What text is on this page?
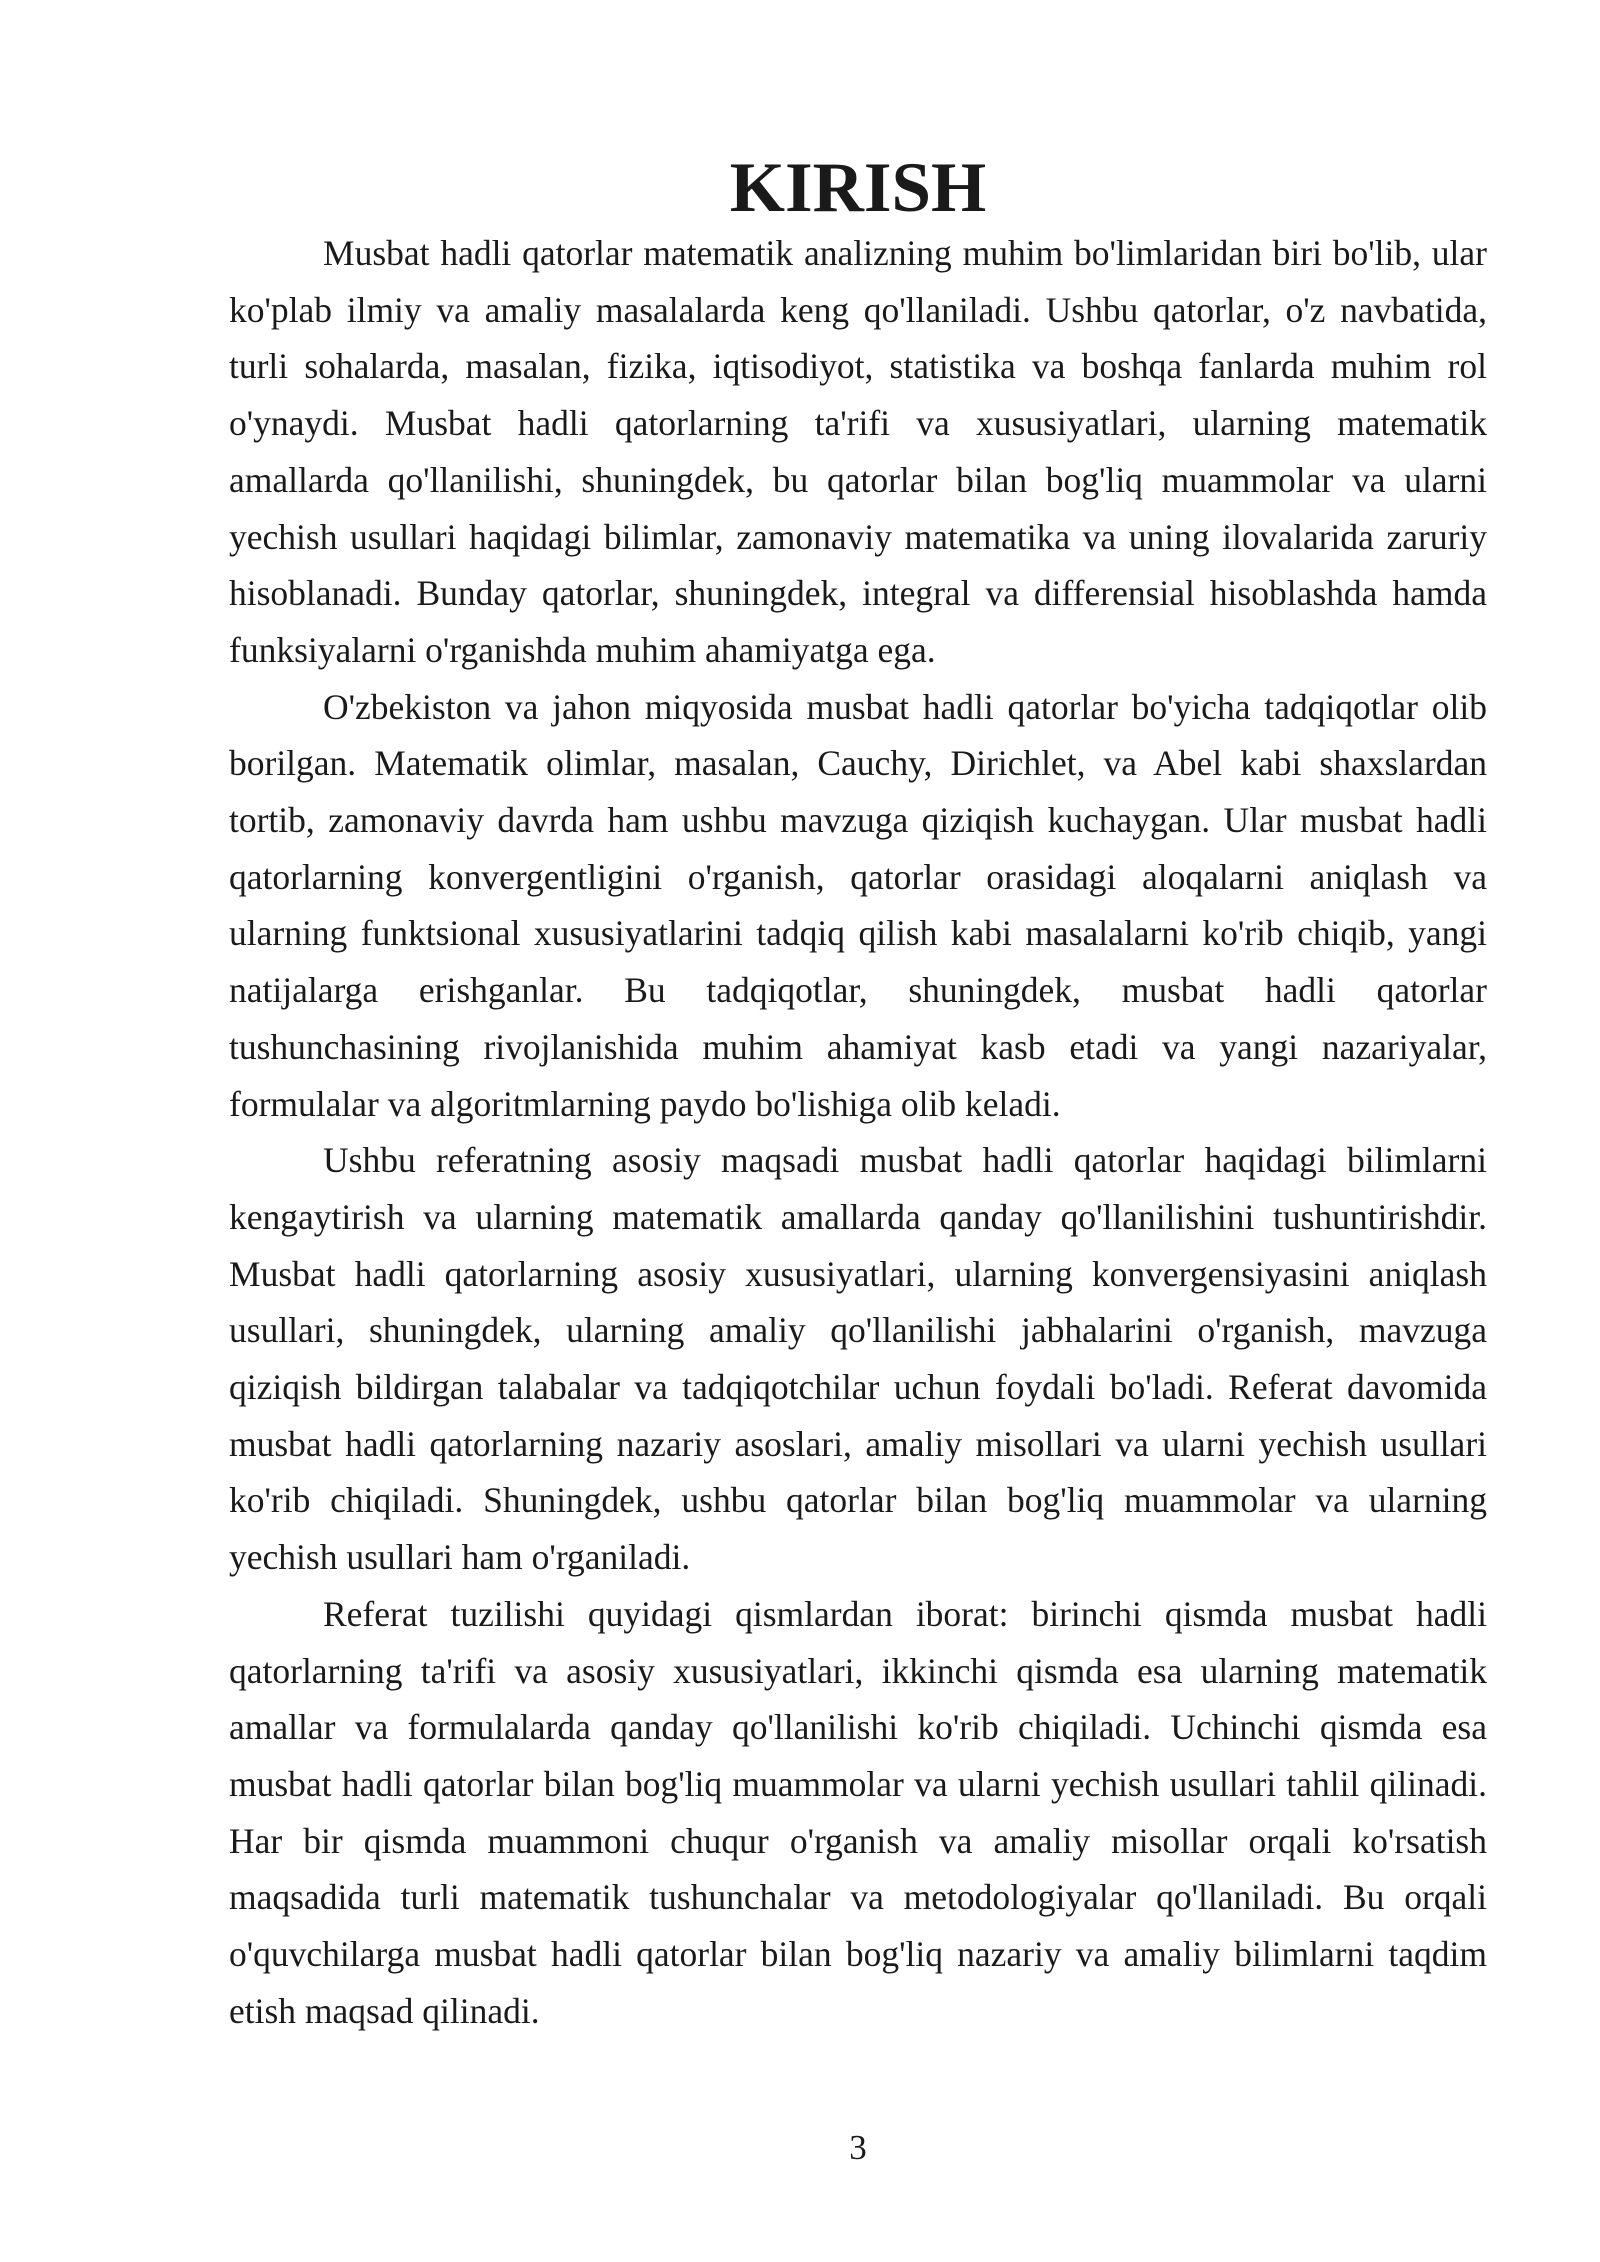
KIRISH

Musbat hadli qatorlar matematik analizning muhim bo'limlaridan biri bo'lib, ular ko'plab ilmiy va amaliy masalalarda keng qo'llaniladi. Ushbu qatorlar, o'z navbatida, turli sohalarda, masalan, fizika, iqtisodiyot, statistika va boshqa fanlarda muhim rol o'ynaydi. Musbat hadli qatorlarning ta'rifi va xususiyatlari, ularning matematik amallarda qo'llanilishi, shuningdek, bu qatorlar bilan bog'liq muammolar va ularni yechish usullari haqidagi bilimlar, zamonaviy matematika va uning ilovalarida zaruriy hisoblanadi. Bunday qatorlar, shuningdek, integral va differensial hisoblashda hamda funksiyalarni o'rganishda muhim ahamiyatga ega.

O'zbekiston va jahon miqyosida musbat hadli qatorlar bo'yicha tadqiqotlar olib borilgan. Matematik olimlar, masalan, Cauchy, Dirichlet, va Abel kabi shaxslardan tortib, zamonaviy davrda ham ushbu mavzuga qiziqish kuchaygan. Ular musbat hadli qatorlarning konvergentligini o'rganish, qatorlar orasidagi aloqalarni aniqlash va ularning funktsional xususiyatlarini tadqiq qilish kabi masalalarni ko'rib chiqib, yangi natijalarga erishganlar. Bu tadqiqotlar, shuningdek, musbat hadli qatorlar tushunchasining rivojlanishida muhim ahamiyat kasb etadi va yangi nazariyalar, formulalar va algoritmlarning paydo bo'lishiga olib keladi.

Ushbu referatning asosiy maqsadi musbat hadli qatorlar haqidagi bilimlarni kengaytirish va ularning matematik amallarda qanday qo'llanilishini tushuntirishdir. Musbat hadli qatorlarning asosiy xususiyatlari, ularning konvergensiyasini aniqlash usullari, shuningdek, ularning amaliy qo'llanilishi jabhalarini o'rganish, mavzuga qiziqish bildirgan talabalar va tadqiqotchilar uchun foydali bo'ladi. Referat davomida musbat hadli qatorlarning nazariy asoslari, amaliy misollari va ularni yechish usullari ko'rib chiqiladi. Shuningdek, ushbu qatorlar bilan bog'liq muammolar va ularning yechish usullari ham o'rganiladi.

Referat tuzilishi quyidagi qismlardan iborat: birinchi qismda musbat hadli qatorlarning ta'rifi va asosiy xususiyatlari, ikkinchi qismda esa ularning matematik amallar va formulalarda qanday qo'llanilishi ko'rib chiqiladi. Uchinchi qismda esa musbat hadli qatorlar bilan bog'liq muammolar va ularni yechish usullari tahlil qilinadi. Har bir qismda muammoni chuqur o'rganish va amaliy misollar orqali ko'rsatish maqsadida turli matematik tushunchalar va metodologiyalar qo'llaniladi. Bu orqali o'quvchilarga musbat hadli qatorlar bilan bog'liq nazariy va amaliy bilimlarni taqdim etish maqsad qilinadi.

3
